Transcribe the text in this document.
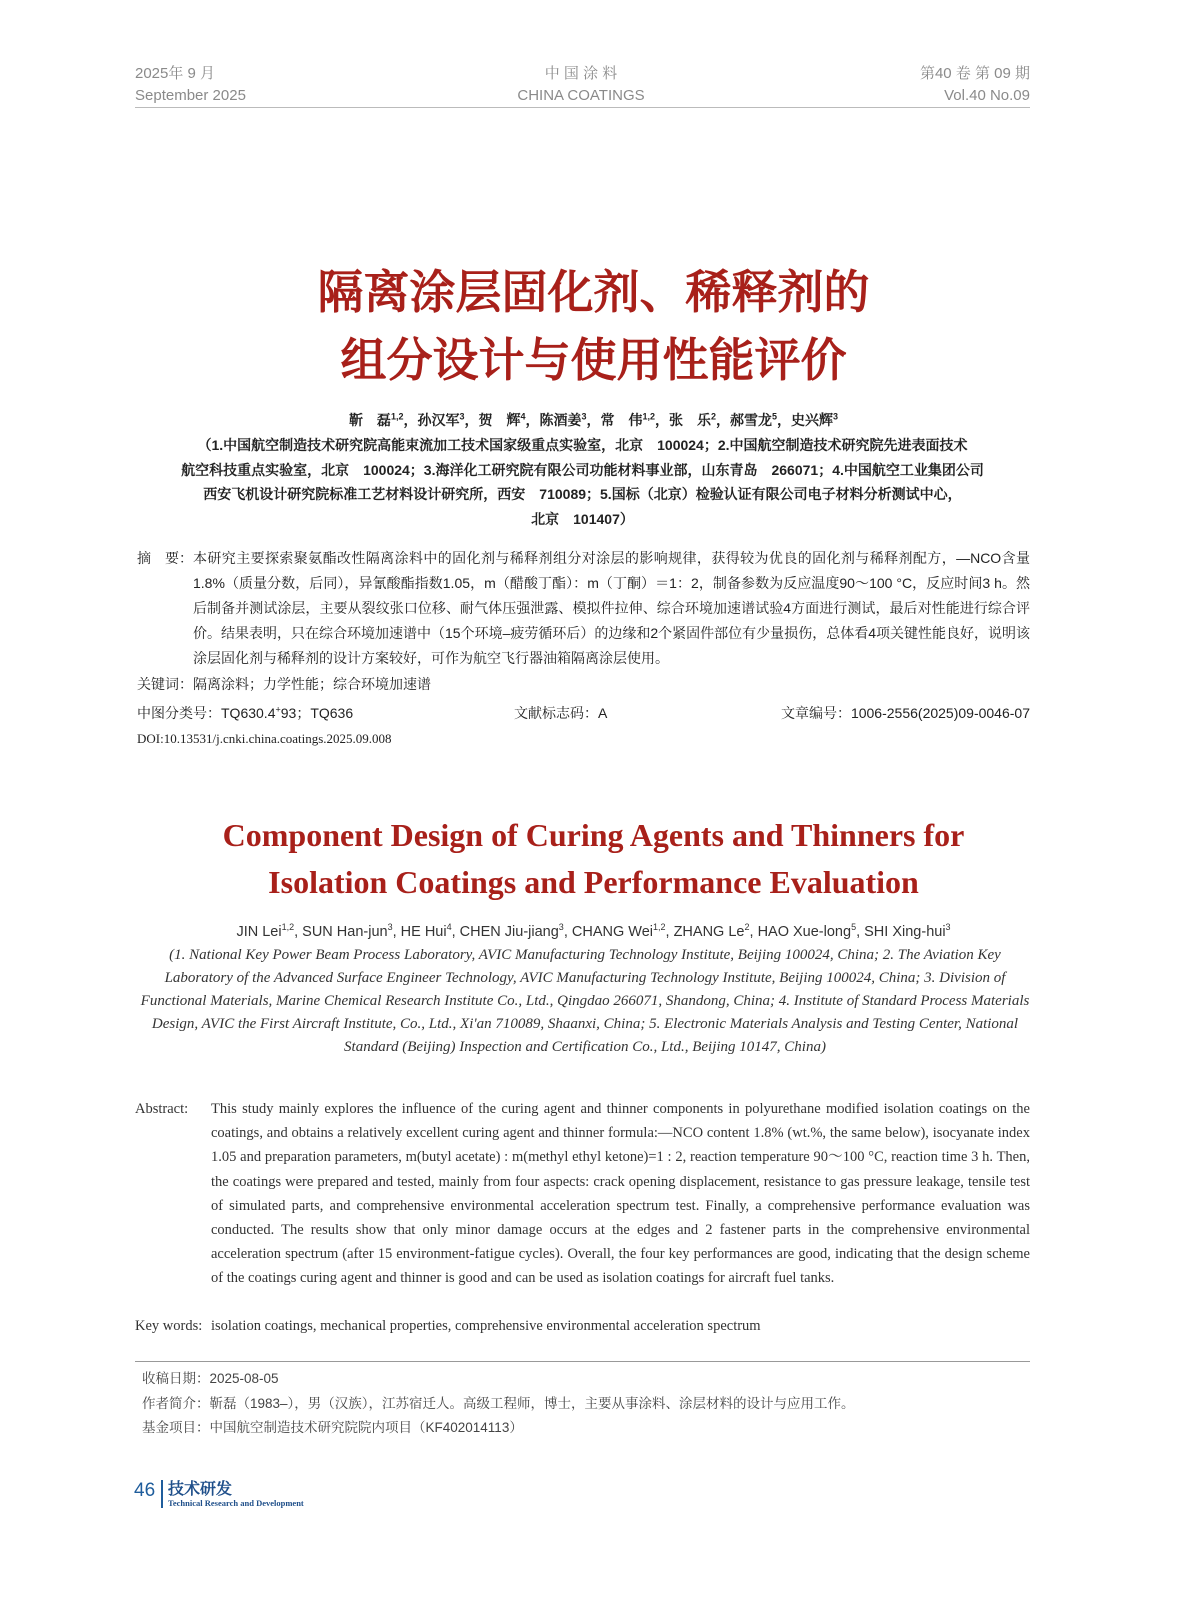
2025年 9 月
September 2025
中 国 涂 料
CHINA COATINGS
第40 卷 第 09 期
Vol.40 No.09
隔离涂层固化剂、稀释剂的
组分设计与使用性能评价
靳　磊$^{1,2}$，孙汉军$^3$，贺　辉$^4$，陈酒姜$^3$，常　伟$^{1,2}$，张　乐$^2$，郝雪龙$^5$，史兴辉$^3$
（1.中国航空制造技术研究院高能束流加工技术国家级重点实验室，北京　100024；2.中国航空制造技术研究院先进表面技术
航空科技重点实验室，北京　100024；3.海洋化工研究院有限公司功能材料事业部，山东青岛　266071；4.中国航空工业集团公司
西安飞机设计研究院标准工艺材料设计研究所，西安　710089；5.国标（北京）检验认证有限公司电子材料分析测试中心，
北京　101407）
摘　要： 本研究主要探索聚氨酯改性隔离涂料中的固化剂与稀释剂组分对涂层的影响规律，获得较为优良的固化剂与稀释剂配方，—NCO含量1.8%（质量分数，后同），异氰酸酯指数1.05，m（醋酸丁酯）：m（丁酮）＝1：2，制备参数为反应温度90～100 °C，反应时间3 h。然后制备并测试涂层，主要从裂纹张口位移、耐气体压强泄露、模拟件拉伸、综合环境加速谱试验4方面进行测试，最后对性能进行综合评价。结果表明，只在综合环境加速谱中（15个环境–疲劳循环后）的边缘和2个紧固件部位有少量损伤，总体看4项关键性能良好，说明该涂层固化剂与稀释剂的设计方案较好，可作为航空飞行器油箱隔离涂层使用。
关键词：隔离涂料；力学性能；综合环境加速谱
中图分类号：TQ630.4+93；TQ636	文献标志码：A	文章编号：1006-2556(2025)09-0046-07
DOI:10.13531/j.cnki.china.coatings.2025.09.008
Component Design of Curing Agents and Thinners for
Isolation Coatings and Performance Evaluation
JIN Lei$^{1,2}$, SUN Han-jun$^3$, HE Hui$^4$, CHEN Jiu-jiang$^3$, CHANG Wei$^{1,2}$, ZHANG Le$^2$, HAO Xue-long$^5$, SHI Xing-hui$^3$
(1. National Key Power Beam Process Laboratory, AVIC Manufacturing Technology Institute, Beijing 100024, China; 2. The Aviation Key Laboratory of the Advanced Surface Engineer Technology, AVIC Manufacturing Technology Institute, Beijing 100024, China; 3. Division of Functional Materials, Marine Chemical Research Institute Co., Ltd., Qingdao 266071, Shandong, China; 4. Institute of Standard Process Materials Design, AVIC the First Aircraft Institute, Co., Ltd., Xi'an 710089, Shaanxi, China; 5. Electronic Materials Analysis and Testing Center, National Standard (Beijing) Inspection and Certification Co., Ltd., Beijing 10147, China)
Abstract: This study mainly explores the influence of the curing agent and thinner components in polyurethane modified isolation coatings on the coatings, and obtains a relatively excellent curing agent and thinner formula:—NCO content 1.8% (wt.%, the same below), isocyanate index 1.05 and preparation parameters, m(butyl acetate) : m(methyl ethyl ketone)=1 : 2, reaction temperature 90～100 °C, reaction time 3 h. Then, the coatings were prepared and tested, mainly from four aspects: crack opening displacement, resistance to gas pressure leakage, tensile test of simulated parts, and comprehensive environmental acceleration spectrum test. Finally, a comprehensive performance evaluation was conducted. The results show that only minor damage occurs at the edges and 2 fastener parts in the comprehensive environmental acceleration spectrum (after 15 environment-fatigue cycles). Overall, the four key performances are good, indicating that the design scheme of the coatings curing agent and thinner is good and can be used as isolation coatings for aircraft fuel tanks.
Key words: isolation coatings, mechanical properties, comprehensive environmental acceleration spectrum
收稿日期：2025-08-05
作者简介：靳磊（1983–），男（汉族），江苏宿迁人。高级工程师，博士，主要从事涂料、涂层材料的设计与应用工作。
基金项目：中国航空制造技术研究院院内项目（KF402014113）
46 技术研发
Technical Research and Development
